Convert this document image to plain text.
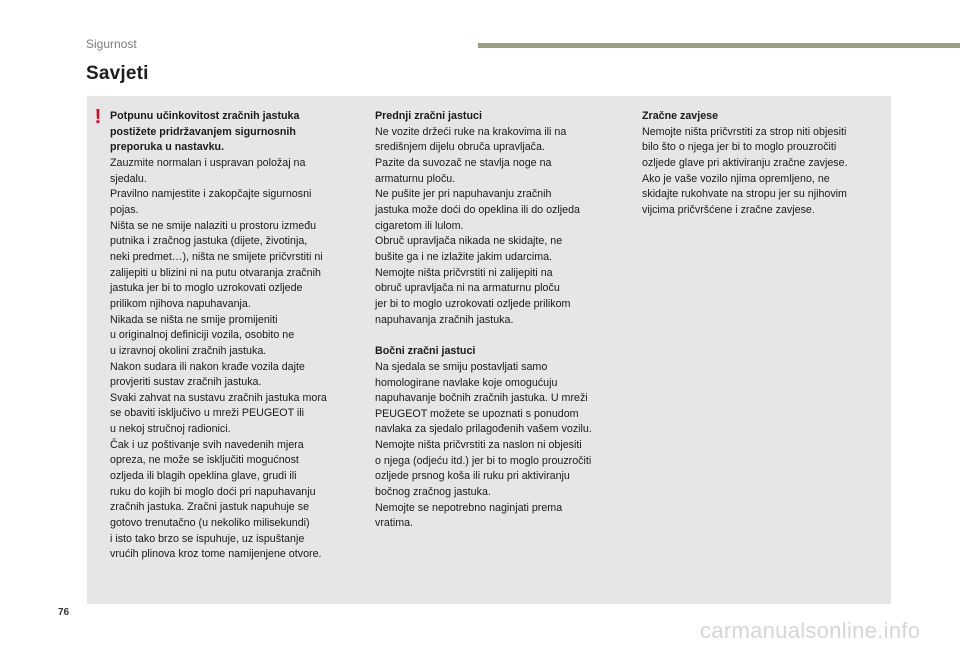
Sigurnost
Savjeti
! Potpunu učinkovitost zračnih jastuka
postižete pridržavanjem sigurnosnih
preporuka u nastavku.
Zauzmite normalan i uspravan položaj na
sjedalu.
Pravilno namjestite i zakopčajte sigurnosni
pojas.
Ništa se ne smije nalaziti u prostoru između
putnika i zračnog jastuka (dijete, životinja,
neki predmet…), ništa ne smijete pričvrstiti ni
zalijepiti u blizini ni na putu otvaranja zračnih
jastuka jer bi to moglo uzrokovati ozljede
prilikom njihova napuhavanja.
Nikada se ništa ne smije promijeniti
u originalnoj definiciji vozila, osobito ne
u izravnoj okolini zračnih jastuka.
Nakon sudara ili nakon krađe vozila dajte
provjeriti sustav zračnih jastuka.
Svaki zahvat na sustavu zračnih jastuka mora
se obaviti isključivo u mreži PEUGEOT ili
u nekoj stručnoj radionici.
Čak i uz poštivanje svih navedenih mjera
opreza, ne može se isključiti mogućnost
ozljeda ili blagih opeklina glave, grudi ili
ruku do kojih bi moglo doći pri napuhavanju
zračnih jastuka. Zračni jastuk napuhuje se
gotovo trenutačno (u nekoliko milisekundi)
i isto tako brzo se ispuhuje, uz ispuštanje
vrućih plinova kroz tome namijenjene otvore.
Prednji zračni jastuci
Ne vozite držeći ruke na krakovima ili na
središnjem dijelu obruča upravljača.
Pazite da suvozač ne stavlja noge na
armaturnu ploču.
Ne pušite jer pri napuhavanju zračnih
jastuka može doći do opeklina ili do ozljeda
cigaretom ili lulom.
Obruč upravljača nikada ne skidajte, ne
bušite ga i ne izlažite jakim udarcima.
Nemojte ništa pričvrstiti ni zalijepiti na
obruč upravljača ni na armaturnu ploču
jer bi to moglo uzrokovati ozljede prilikom
napuhavanja zračnih jastuka.
Bočni zračni jastuci
Na sjedala se smiju postavljati samo
homologirane navlake koje omogućuju
napuhavanje bočnih zračnih jastuka. U mreži
PEUGEOT možete se upoznati s ponudom
navlaka za sjedalo prilagođenih vašem vozilu.
Nemojte ništa pričvrstiti za naslon ni objesiti
o njega (odjeću itd.) jer bi to moglo prouzročiti
ozljede prsnog koša ili ruku pri aktiviranju
bočnog zračnog jastuka.
Nemojte se nepotrebno naginjati prema
vratima.
Zračne zavjese
Nemojte ništa pričvrstiti za strop niti objesiti
bilo što o njega jer bi to moglo prouzročiti
ozljede glave pri aktiviranju zračne zavjese.
Ako je vaše vozilo njima opremljeno, ne
skidajte rukohvate na stropu jer su njihovim
vijcima pričvršćene i zračne zavjese.
76
carmanualsonline.info
